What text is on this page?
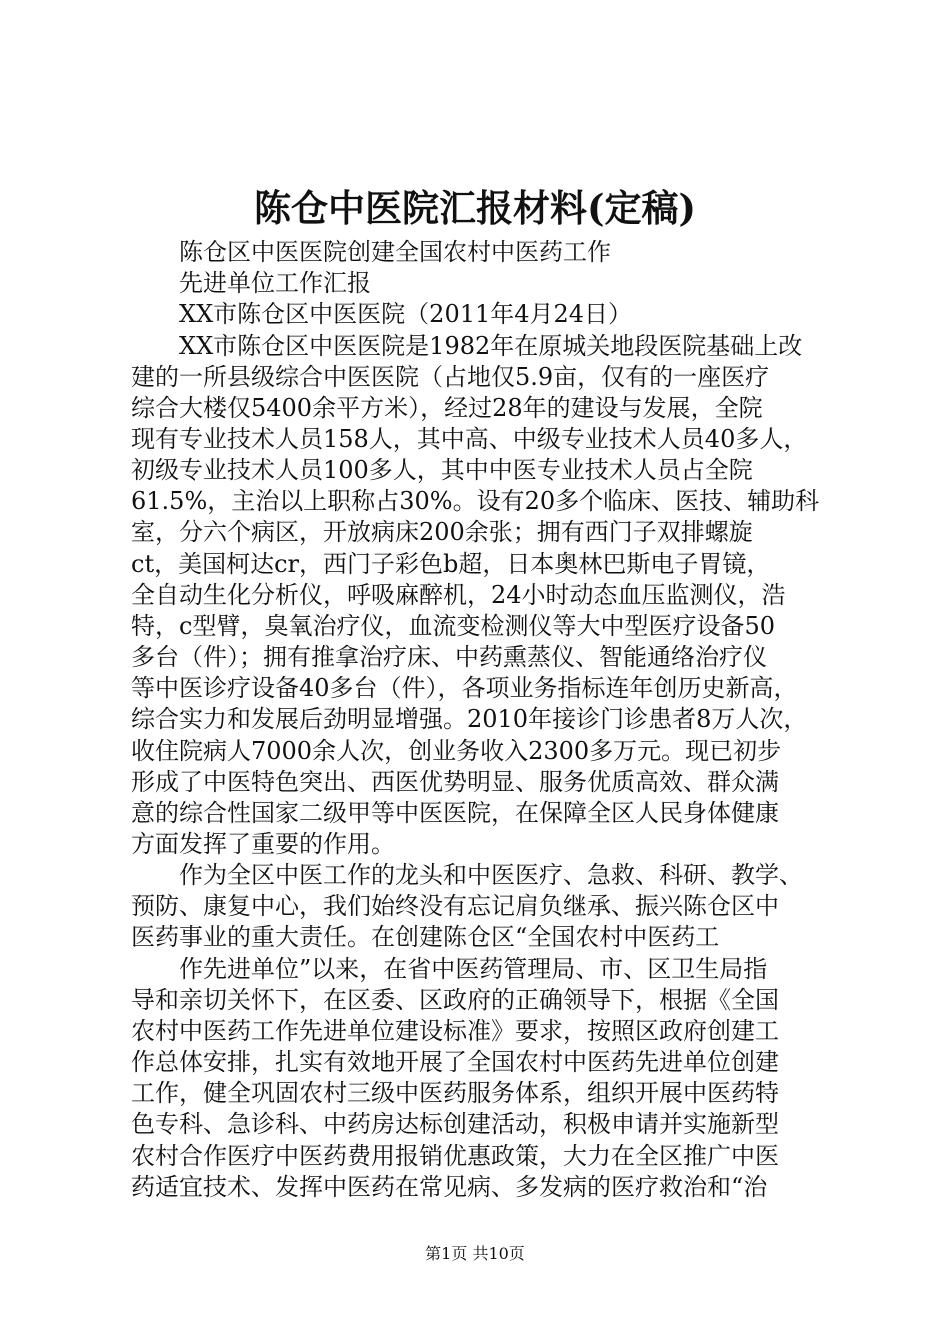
陈仓中医院汇报材料(定稿)

陈仓区中医医院创建全国农村中医药工作

先进单位工作汇报

XX市陈仓区中医医院（2011年4月24日）

XX市陈仓区中医医院是1982年在原城关地段医院基础上改

建的一所县级综合中医医院（占地仅5.9亩，仅有的一座医疗

综合大楼仅5400余平方米），经过28年的建设与发展，全院

现有专业技术人员158人，其中高、中级专业技术人员40多人，

初级专业技术人员100多人，其中中医专业技术人员占全院

61.5%，主治以上职称占30%。设有20多个临床、医技、辅助科

室，分六个病区，开放病床200余张；拥有西门子双排螺旋

ct，美国柯达cr，西门子彩色b超，日本奥林巴斯电子胃镜，

全自动生化分析仪，呼吸麻醉机，24小时动态血压监测仪，浩

特，c型臂，臭氧治疗仪，血流变检测仪等大中型医疗设备50

多台（件）；拥有推拿治疗床、中药熏蒸仪、智能通络治疗仪

等中医诊疗设备40多台（件），各项业务指标连年创历史新高，

综合实力和发展后劲明显增强。2010年接诊门诊患者8万人次，

收住院病人7000余人次，创业务收入2300多万元。现已初步

形成了中医特色突出、西医优势明显、服务优质高效、群众满

意的综合性国家二级甲等中医医院，在保障全区人民身体健康

方面发挥了重要的作用。

作为全区中医工作的龙头和中医医疗、急救、科研、教学、

预防、康复中心，我们始终没有忘记肩负继承、振兴陈仓区中

医药事业的重大责任。在创建陈仓区“全国农村中医药工

作先进单位”以来，在省中医药管理局、市、区卫生局指

导和亲切关怀下，在区委、区政府的正确领导下，根据《全国

农村中医药工作先进单位建设标准》要求，按照区政府创建工

作总体安排，扎实有效地开展了全国农村中医药先进单位创建

工作，健全巩固农村三级中医药服务体系，组织开展中医药特

色专科、急诊科、中药房达标创建活动，积极申请并实施新型

农村合作医疗中医药费用报销优惠政策，大力在全区推广中医

药适宜技术、发挥中医药在常见病、多发病的医疗救治和“治

第1页 共10页
